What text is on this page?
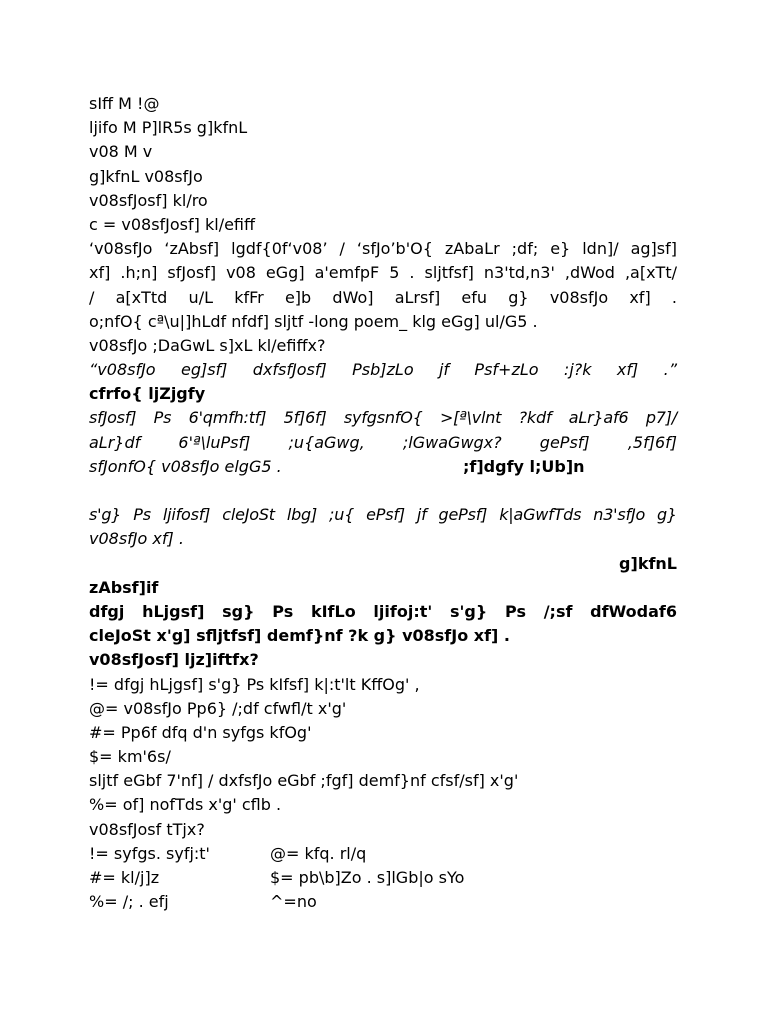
sIff M !@
ljifo M P]lR5s g]kfnL
v08 M v
g]kfnL v08sfJo
v08sfJosf] kl/ro
c = v08sfJosf] kl/efiff
‘v08sfJo ‘zAbsf] lgdf{0f‘v08’ / ‘sfJo’b'O{ zAbaLr ;df; e} ldn]/ ag]sf]
xf] .h;n] sfJosf] v08 eGg] a'emfpF 5 . sljtfsf] n3'td,n3' ,dWod ,a[xTt/
/ a[xTtd u/L kfFr e]b dWo] aLrsf] efu g} v08sfJo xf] .
o;nfO{ cª\u|]hLdf nfdf] sljtf -long poem_ klg eGg] ul/G5 .
v08sfJo ;DaGwL s]xL kl/efiffx?
“v08sfJo eg]sf] dxfsfJosf] Psb]zLo jf Psf+zLo :j?k xf] .”
cfrfo{ ljZjgfy
sfJosf] Ps 6'qmfh:tf] 5f]6f] syfgsnfO{ >[ª\vlnt ?kdf aLr}af6 p7]/
aLr}df 6'ª\luPsf] ;u{aGwg, ;lGwaGwgx? gePsf] ,5f]6f]
sfJonfO{ v08sfJo elgG5 .	;f]dgfy l;Ub]n
s'g} Ps ljifosf] cleJoSt lbg] ;u{ ePsf] jf gePsf] k|aGwfTds n3'sfJo g}
v08sfJo xf] .
g]kfnL
zAbsf]if
dfgj hLjgsf] sg} Ps kIfLo ljifoj:t' s'g} Ps /;sf dfWodaf6
cleJoSt x'g] sfljtfsf] demf}nf ?k g} v08sfJo xf] .
v08sfJosf] ljz]iftfx?
!= dfgj hLjgsf] s'g} Ps kIfsf] k|:t'lt KffOg' ,
@= v08sfJo Pp6} /;df cfwfl/t x'g'
#= Pp6f dfq d'n syfgs kfOg'
$= km'6s/
sljtf eGbf 7'nf] / dxfsfJo eGbf ;fgf] demf}nf cfsf/sf] x'g'
%= of] nofTds x'g' cflb .
v08sfJosf tTjx?
!= syfgs. syfj:t'	@= kfq. rl/q
#= kl/j]z	$= pb\b]Zo . s]lGb|o sYo
%= /; . efj	^=no
